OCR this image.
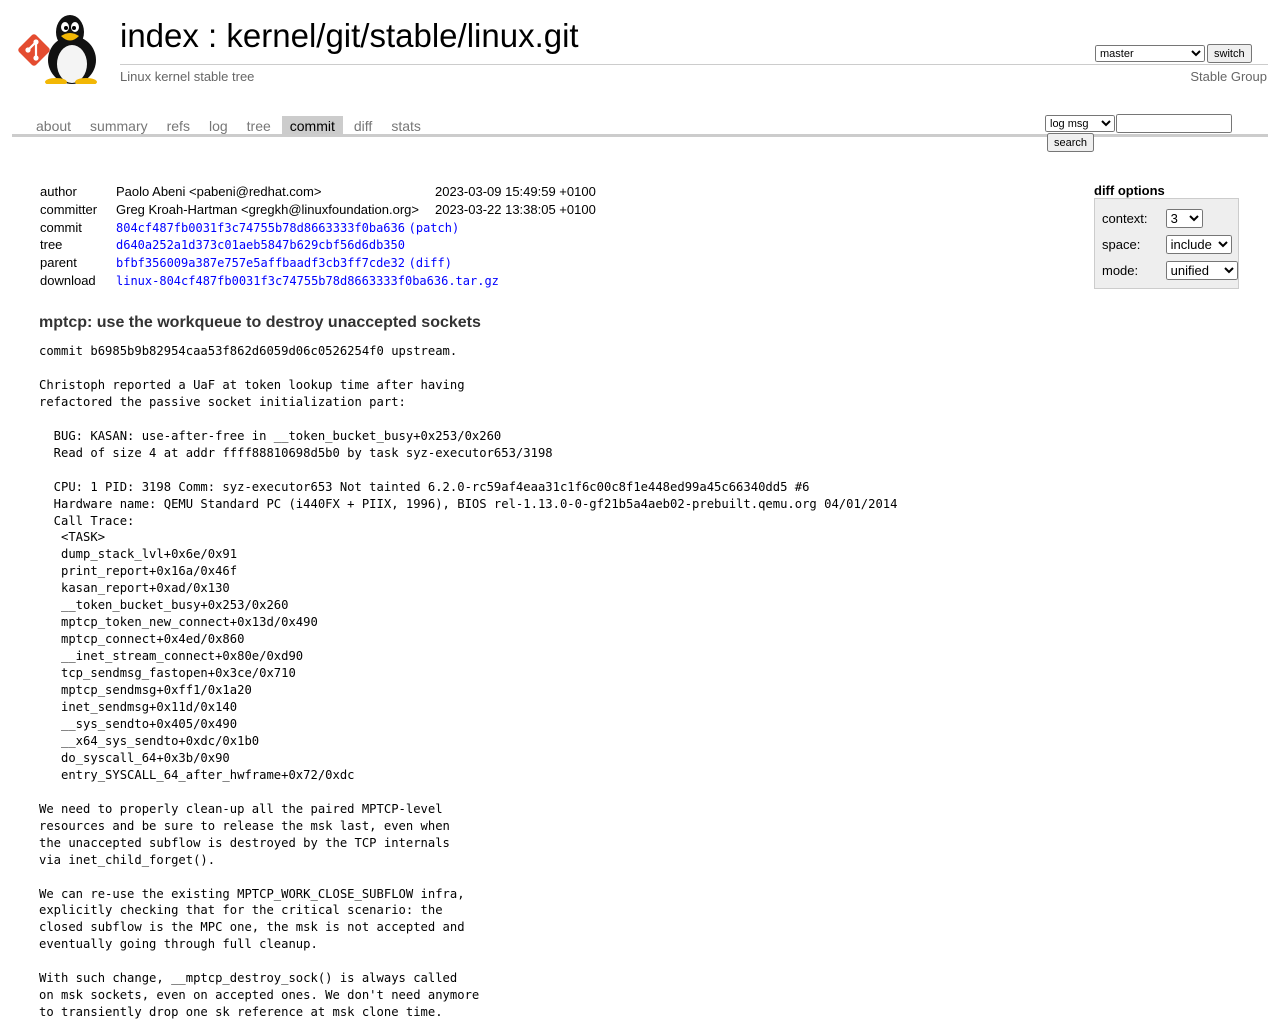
index : kernel/git/stable/linux.git
Linux kernel stable tree	Stable Group
masterswitch
about summary refs log tree commit diff stats
log msgsearch
author	Paolo Abeni <pabeni@redhat.com>	2023-03-09 15:49:59 +0100
committer	Greg Kroah-Hartman <gregkh@linuxfoundation.org>	2023-03-22 13:38:05 +0100
commit	804cf487fb0031f3c74755b78d8663333f0ba636 (patch)	
tree	d640a252a1d373c01aeb5847b629cbf56d6db350	
parent	bfbf356009a387e757e5affbaadf3cb3ff7cde32 (diff)	
download	linux-804cf487fb0031f3c74755b78d8663333f0ba636.tar.gz	
diff options
context:
3
space:
include
mode:
unified
mptcp: use the workqueue to destroy unaccepted sockets
commit b6985b9b82954caa53f862d6059d06c0526254f0 upstream.

Christoph reported a UaF at token lookup time after having
refactored the passive socket initialization part:

BUG: KASAN: use-after-free in __token_bucket_busy+0x253/0x260
Read of size 4 at addr ffff88810698d5b0 by task syz-executor653/3198

CPU: 1 PID: 3198 Comm: syz-executor653 Not tainted 6.2.0-rc59af4eaa31c1f6c00c8f1e448ed99a45c66340dd5 #6
Hardware name: QEMU Standard PC (i440FX + PIIX, 1996), BIOS rel-1.13.0-0-gf21b5a4aeb02-prebuilt.qemu.org 04/01/2014
Call Trace:
<TASK>
dump_stack_lvl+0x6e/0x91
print_report+0x16a/0x46f
kasan_report+0xad/0x130
__token_bucket_busy+0x253/0x260
mptcp_token_new_connect+0x13d/0x490
mptcp_connect+0x4ed/0x860
__inet_stream_connect+0x80e/0xd90
tcp_sendmsg_fastopen+0x3ce/0x710
mptcp_sendmsg+0xff1/0x1a20
inet_sendmsg+0x11d/0x140
__sys_sendto+0x405/0x490
__x64_sys_sendto+0xdc/0x1b0
do_syscall_64+0x3b/0x90
entry_SYSCALL_64_after_hwframe+0x72/0xdc

We need to properly clean-up all the paired MPTCP-level
resources and be sure to release the msk last, even when
the unaccepted subflow is destroyed by the TCP internals
via inet_child_forget().

We can re-use the existing MPTCP_WORK_CLOSE_SUBFLOW infra,
explicitly checking that for the critical scenario: the
closed subflow is the MPC one, the msk is not accepted and
eventually going through full cleanup.

With such change, __mptcp_destroy_sock() is always called
on msk sockets, even on accepted ones. We don't need anymore
to transiently drop one sk reference at msk clone time.
